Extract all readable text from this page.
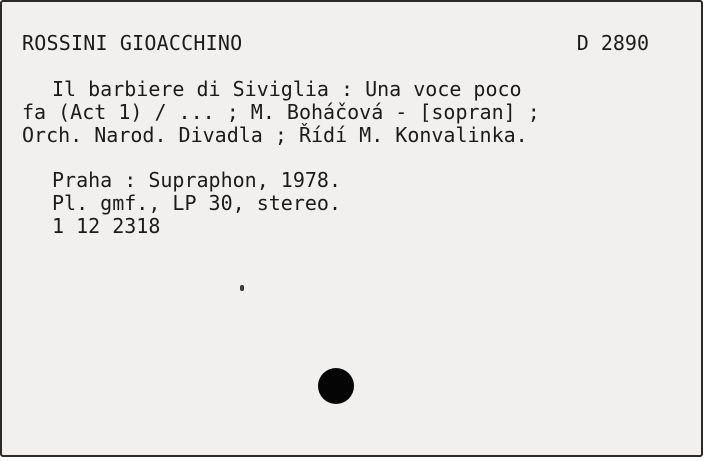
ROSSINI GIOACCHINO	D 2890
Il barbiere di Siviglia : Una voce poco
fa (Act 1) / ... ; M. Boháčová - [sopran] ;
Orch. Narod. Divadla ; Řídí M. Konvalinka.
Praha : Supraphon, 1978.
Pl. gmf., LP 30, stereo.
1 12 2318
